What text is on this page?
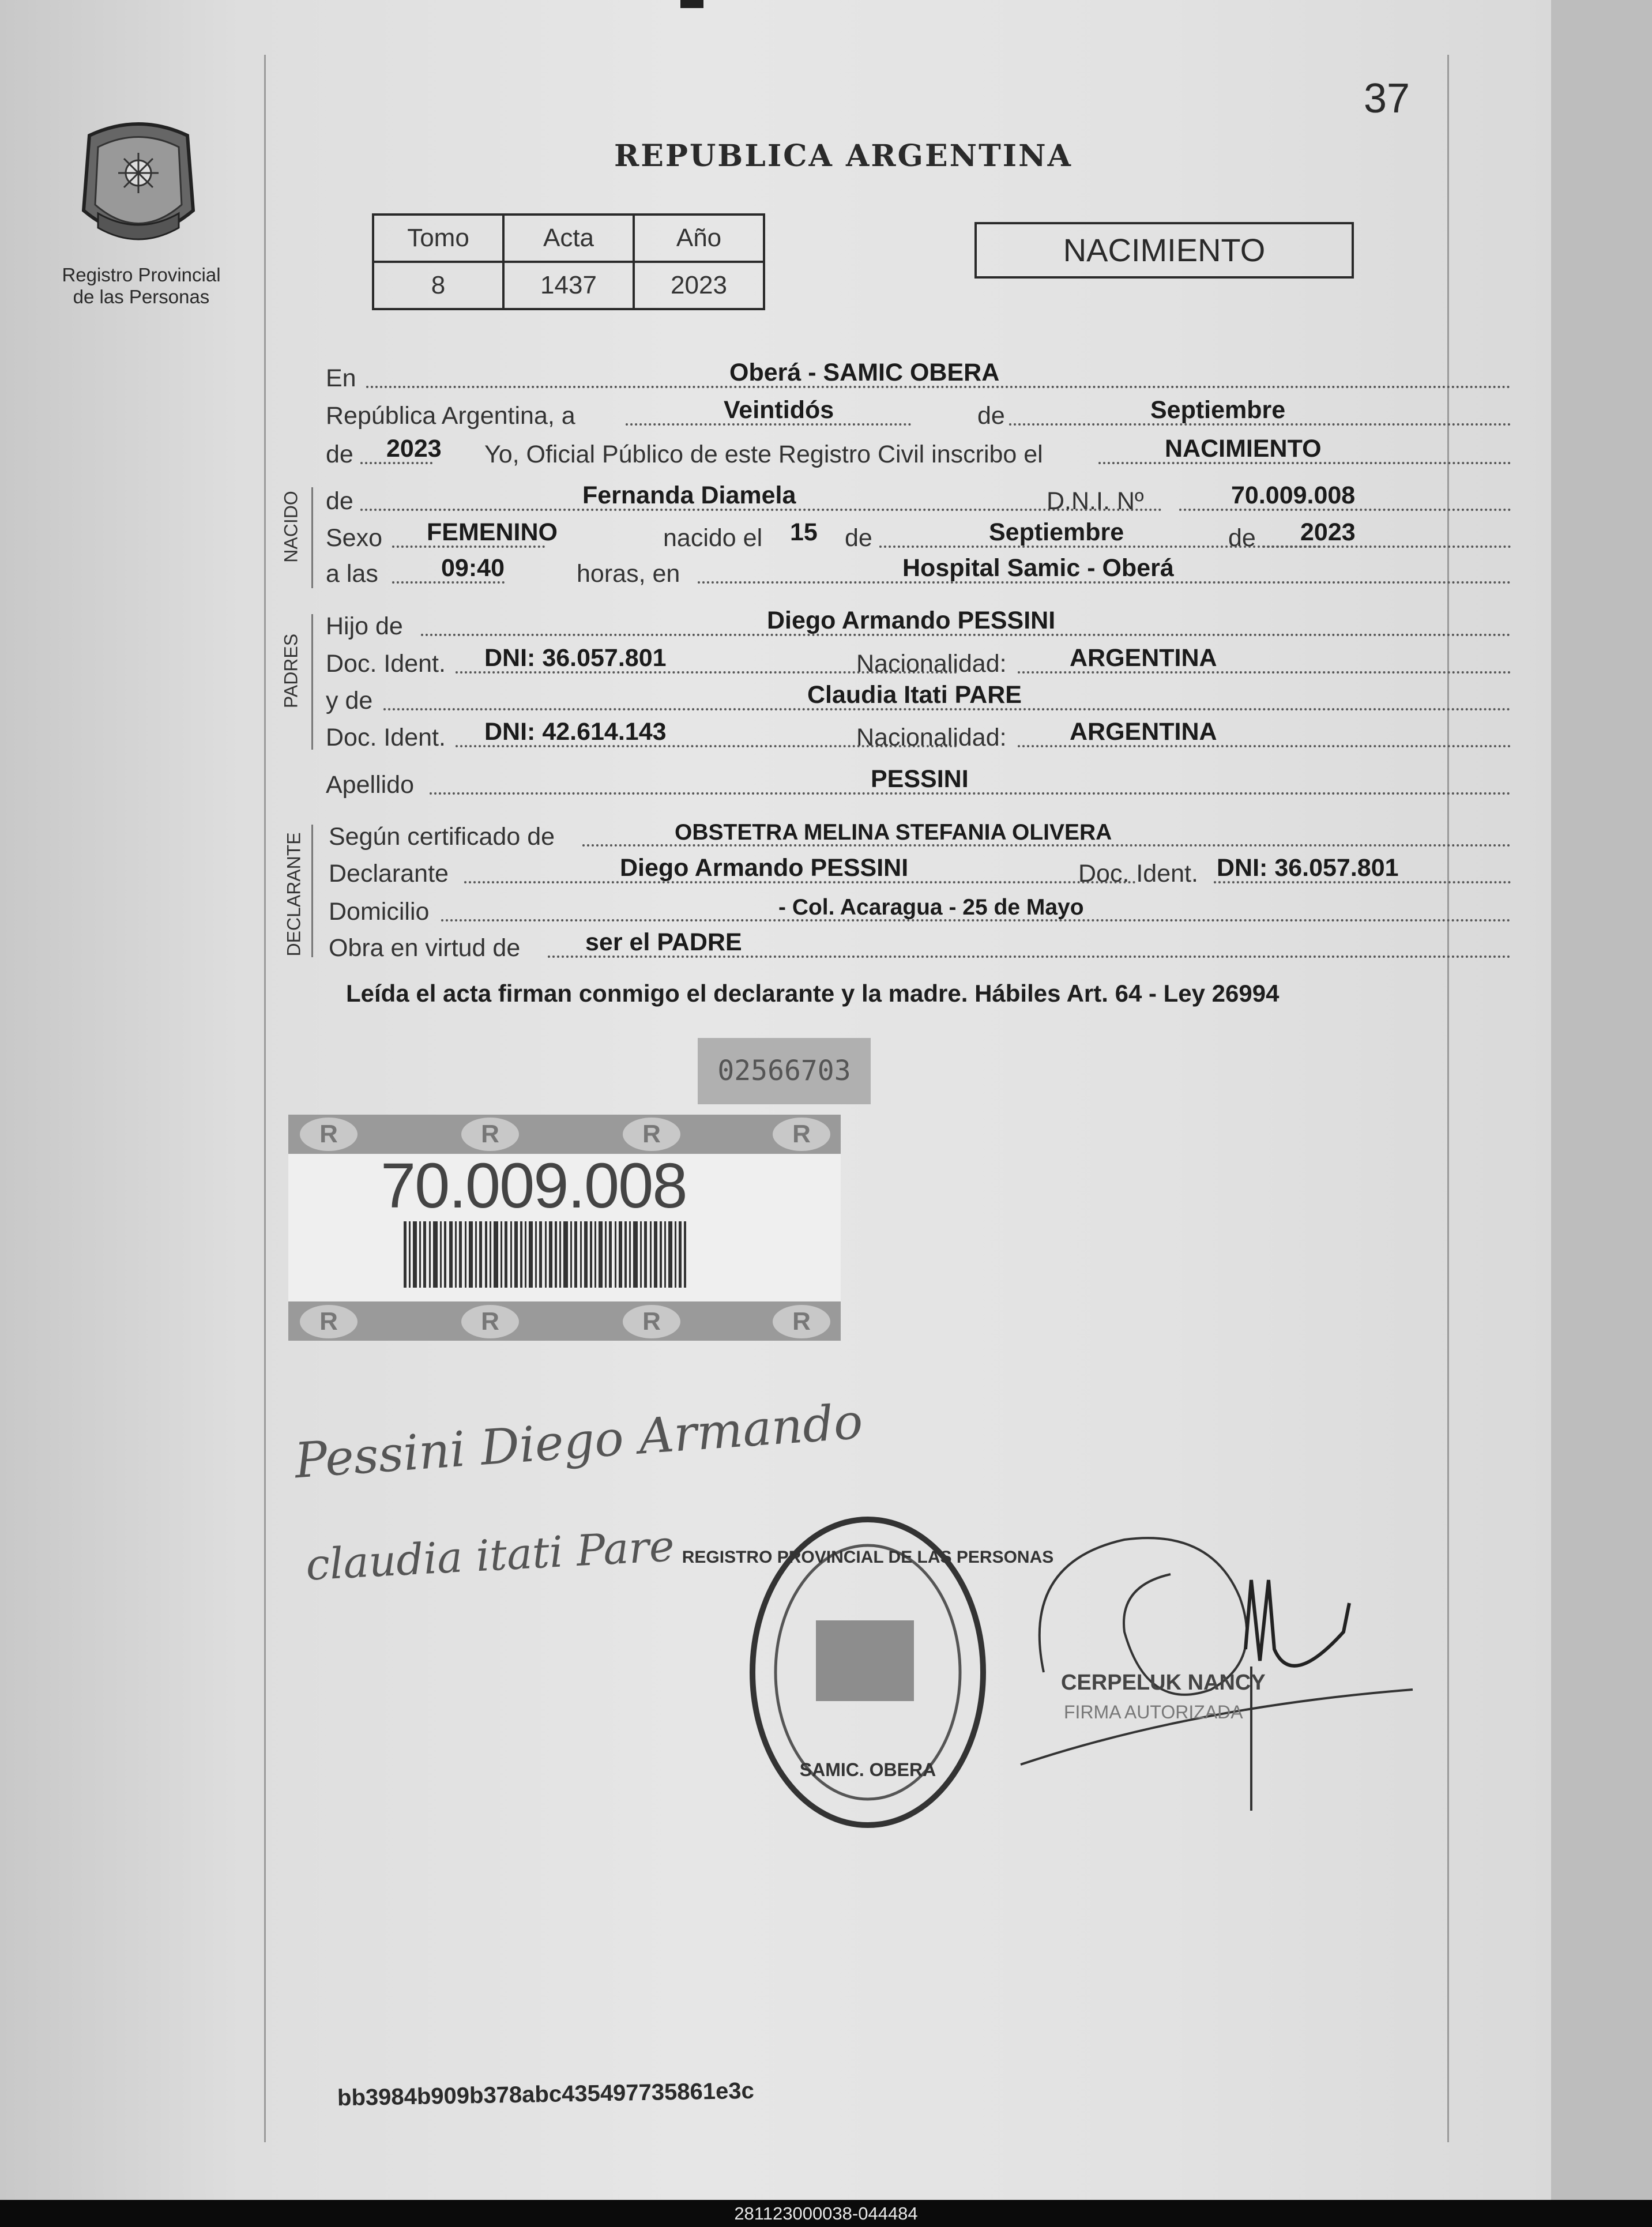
37
Registro Provincial
de las Personas
REPUBLICA ARGENTINA
Tomo	Acta	Año
8	1437	2023
NACIMIENTO
En	Oberá - SAMIC OBERA
República Argentina, a	Veintidós	de	Septiembre
de 2023 Yo, Oficial Público de este Registro Civil inscribo el	NACIMIENTO
NACIDO de	Fernanda Diamela	D.N.I. Nº	70.009.008
Sexo FEMENINO	nacido el 15 de	Septiembre	de 2023
a las	09:40	horas, en	Hospital Samic - Oberá
PADRES
Hijo de	Diego Armando PESSINI
Doc. Ident. DNI: 36.057.801	Nacionalidad:	ARGENTINA
y de	Claudia Itati PARE
Doc. Ident. DNI: 42.614.143	Nacionalidad:	ARGENTINA
Apellido	PESSINI
DECLARANTE Según certificado de	OBSTETRA MELINA STEFANIA OLIVERA
Declarante	Diego Armando PESSINI	Doc. Ident. DNI: 36.057.801
Domicilio	- Col. Acaragua - 25 de Mayo
Obra en virtud de	ser el PADRE
Leída el acta firman conmigo el declarante y la madre. Hábiles Art. 64 - Ley 26994
02566703
R	R	R	R
R	R	R	R
70.009.008
Pessini Diego Armando
claudia itati Pare REGISTRO PROVINCIAL DE LAS PERSONAS
SAMIC. OBERA
CERPELUK NANCY
FIRMA AUTORIZADA
bb3984b909b378abc435497735861e3c
281123000038-044484
